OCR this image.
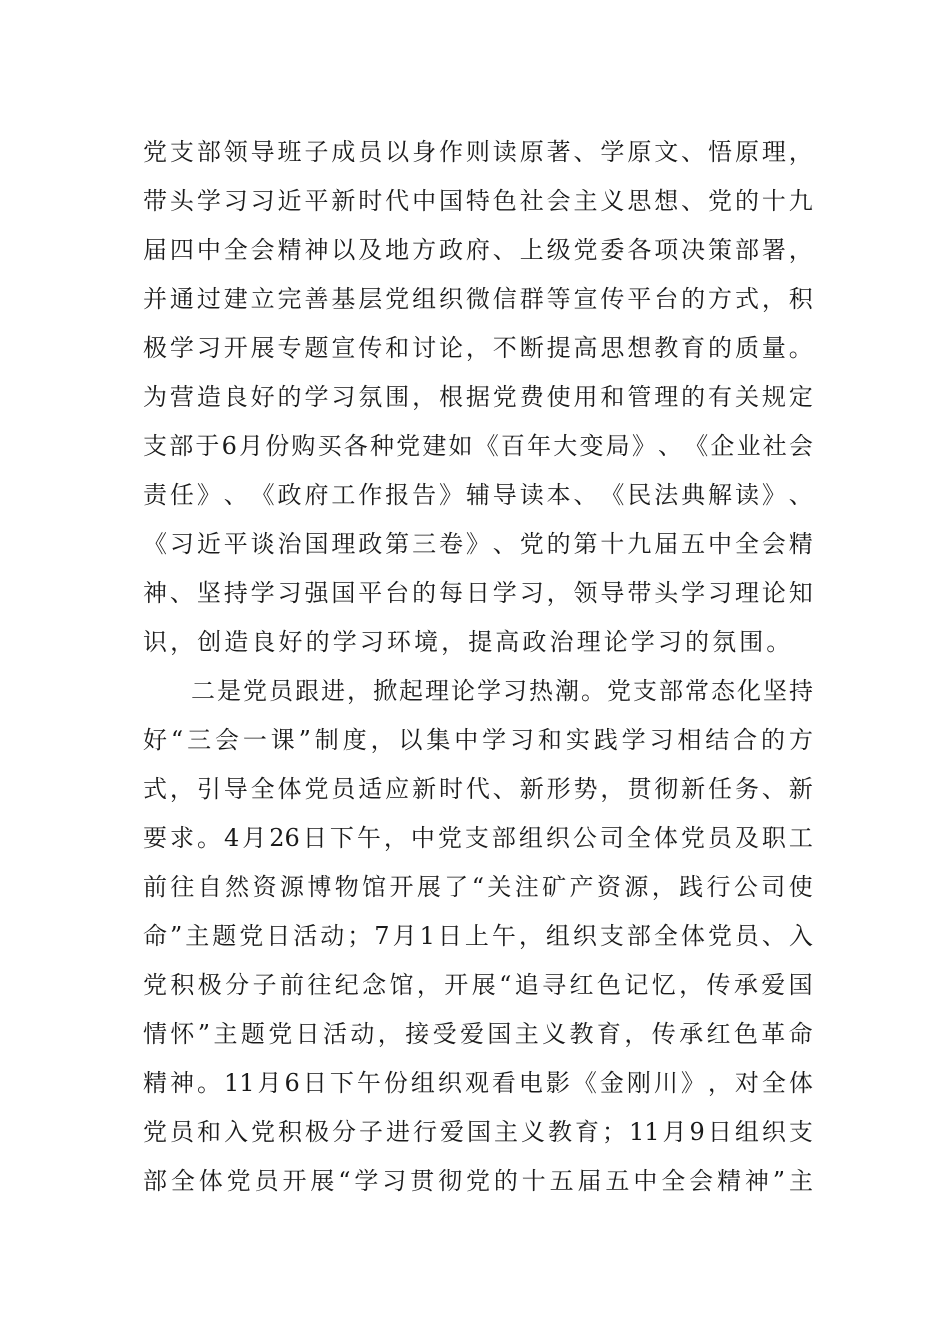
党 支 部 领 导 班 子 成 员 以 身 作 则 读 原 著 、 学 原 文 、 悟 原 理 ，
带 头 学 习 习 近 平 新 时 代 中 国 特 色 社 会 主 义 思 想 、 党 的 十 九
届 四 中 全 会 精 神 以 及 地 方 政 府 、 上 级 党 委 各 项 决 策 部 署 ，
并 通 过 建 立 完 善 基 层 党 组 织 微 信 群 等 宣 传 平 台 的 方 式 ， 积
极 学 习 开 展 专 题 宣 传 和 讨 论 ， 不 断 提 高 思 想 教 育 的 质 量 。
为 营 造 良 好 的 学 习 氛 围 ， 根 据 党 费 使 用 和 管 理 的 有 关 规 定
支 部 于 6 月 份 购 买 各 种 党 建 如 《 百 年 大 变 局 》 、 《 企 业 社 会
责 任 》 、 《 政 府 工 作 报 告 》 辅 导 读 本 、 《 民 法 典 解 读 》 、
《 习 近 平 谈 治 国 理 政 第 三 卷 》 、 党 的 第 十 九 届 五 中 全 会 精
神 、 坚 持 学 习 强 国 平 台 的 每 日 学 习 ， 领 导 带 头 学 习 理 论 知
识，创造良好的学习环境，提高政治理论学习的氛围。
二 是 党 员 跟 进 ， 掀 起 理 论 学 习 热 潮 。 党 支 部 常 态 化 坚 持
好 “ 三 会 一 课 ” 制 度 ， 以 集 中 学 习 和 实 践 学 习 相 结 合 的 方
式 ， 引 导 全 体 党 员 适 应 新 时 代 、 新 形 势 ， 贯 彻 新 任 务 、 新
要 求 。 4 月 26 日 下 午 ， 中 党 支 部 组 织 公 司 全 体 党 员 及 职 工
前 往 自 然 资 源 博 物 馆 开 展 了 “ 关 注 矿 产 资 源 ， 践 行 公 司 使
命 ” 主 题 党 日 活 动 ； 7 月 1 日 上 午 ， 组 织 支 部 全 体 党 员 、 入
党 积 极 分 子 前 往 纪 念 馆 ， 开 展 “ 追 寻 红 色 记 忆 ， 传 承 爱 国
情 怀 ” 主 题 党 日 活 动 ， 接 受 爱 国 主 义 教 育 ， 传 承 红 色 革 命
精 神 。 11 月 6 日 下 午 份 组 织 观 看 电 影 《 金 刚 川 》 ， 对 全 体
党 员 和 入 党 积 极 分 子 进 行 爱 国 主 义 教 育 ； 11 月 9 日 组 织 支
部 全 体 党 员 开 展 “ 学 习 贯 彻 党 的 十 五 届 五 中 全 会 精 神 ” 主
